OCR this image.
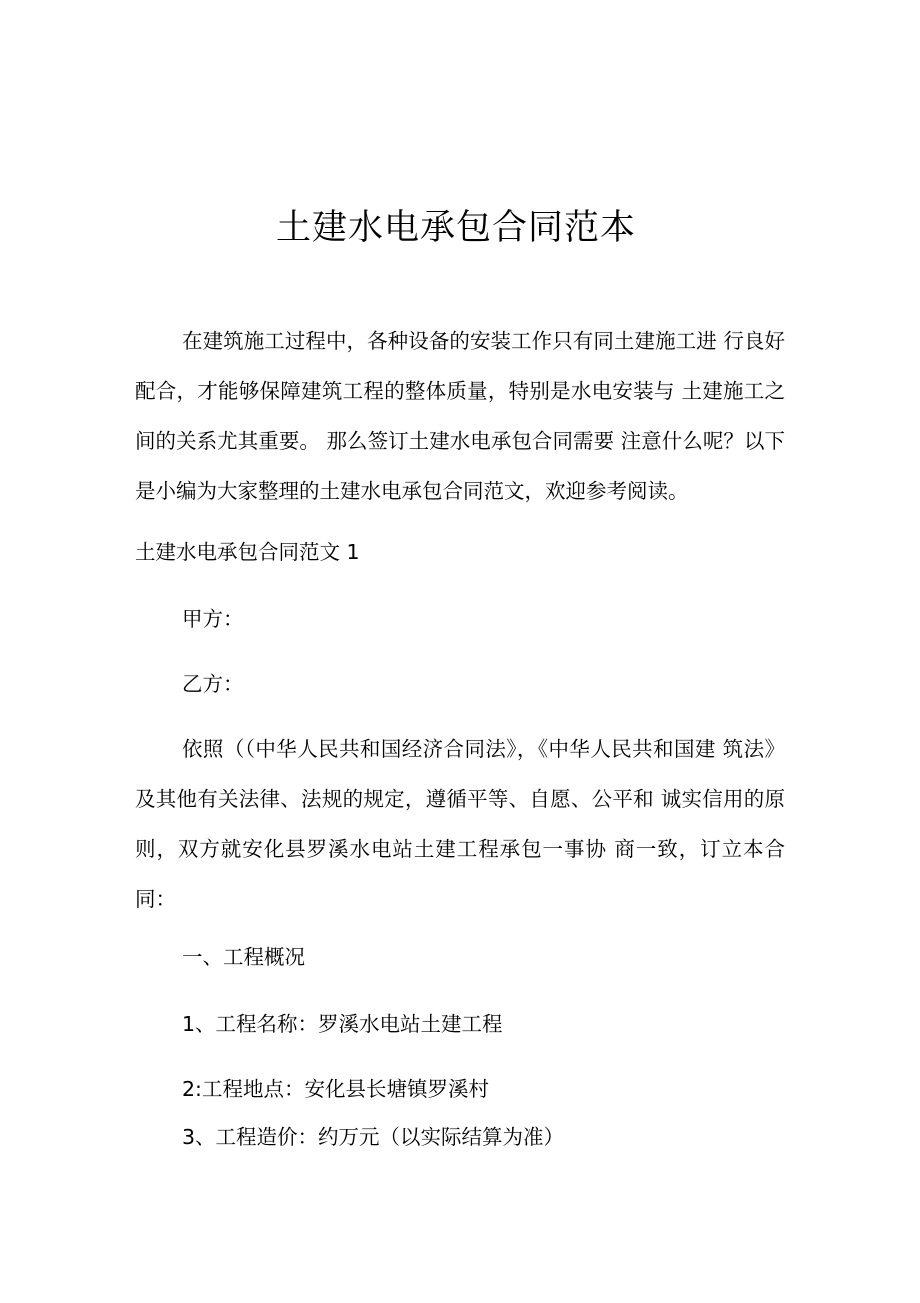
土建水电承包合同范本
在建筑施工过程中，各种设备的安装工作只有同土建施工进 行良好配合，才能够保障建筑工程的整体质量，特别是水电安装与 土建施工之间的关系尤其重要。 那么签订土建水电承包合同需要 注意什么呢？以下是小编为大家整理的土建水电承包合同范文，欢迎参考阅读。
土建水电承包合同范文 1
甲方：
乙方：
依照（（中华人民共和国经济合同法》，《中华人民共和国建 筑法》及其他有关法律、法规的规定，遵循平等、自愿、公平和 诚实信用的原则，双方就安化县罗溪水电站土建工程承包一事协 商一致，订立本合同：
一、工程概况
1、工程名称：罗溪水电站土建工程
2:工程地点：安化县长塘镇罗溪村
3、工程造价：约万元（以实际结算为准）
